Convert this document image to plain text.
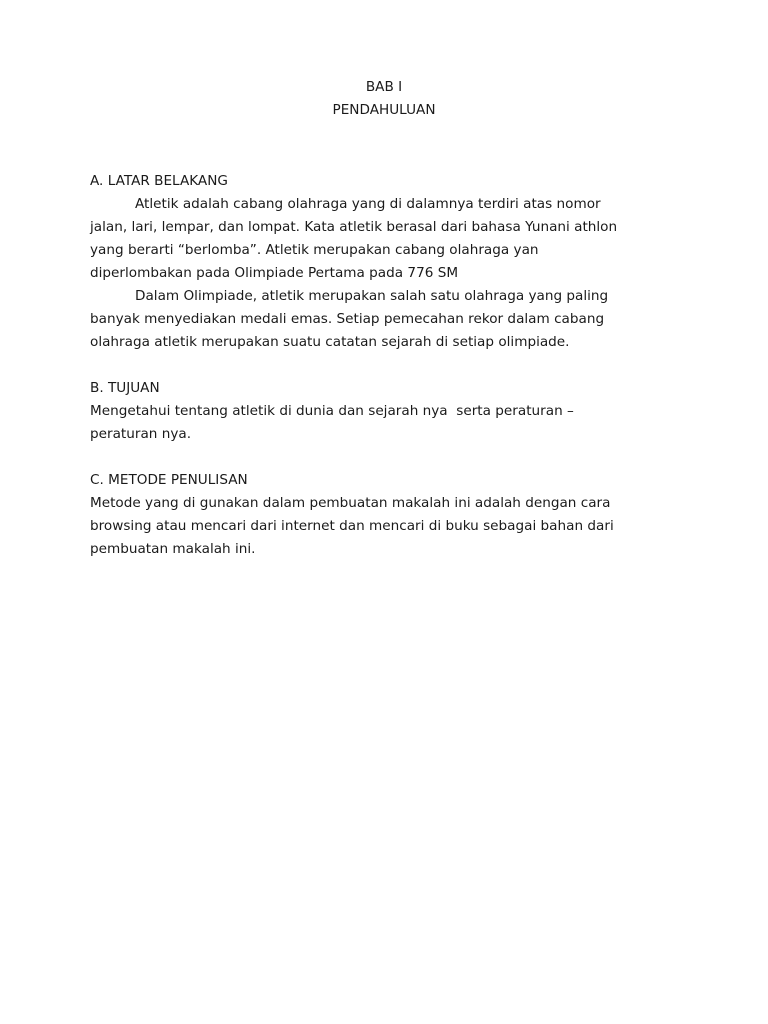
BAB I
PENDAHULUAN
A. LATAR BELAKANG
Atletik adalah cabang olahraga yang di dalamnya terdiri atas nomor
jalan, lari, lempar, dan lompat. Kata atletik berasal dari bahasa Yunani athlon
yang berarti “berlomba”. Atletik merupakan cabang olahraga yan
diperlombakan pada Olimpiade Pertama pada 776 SM
Dalam Olimpiade, atletik merupakan salah satu olahraga yang paling
banyak menyediakan medali emas. Setiap pemecahan rekor dalam cabang
olahraga atletik merupakan suatu catatan sejarah di setiap olimpiade.
B. TUJUAN
Mengetahui tentang atletik di dunia dan sejarah nya  serta peraturan –
peraturan nya.
C. METODE PENULISAN
Metode yang di gunakan dalam pembuatan makalah ini adalah dengan cara
browsing atau mencari dari internet dan mencari di buku sebagai bahan dari
pembuatan makalah ini.
